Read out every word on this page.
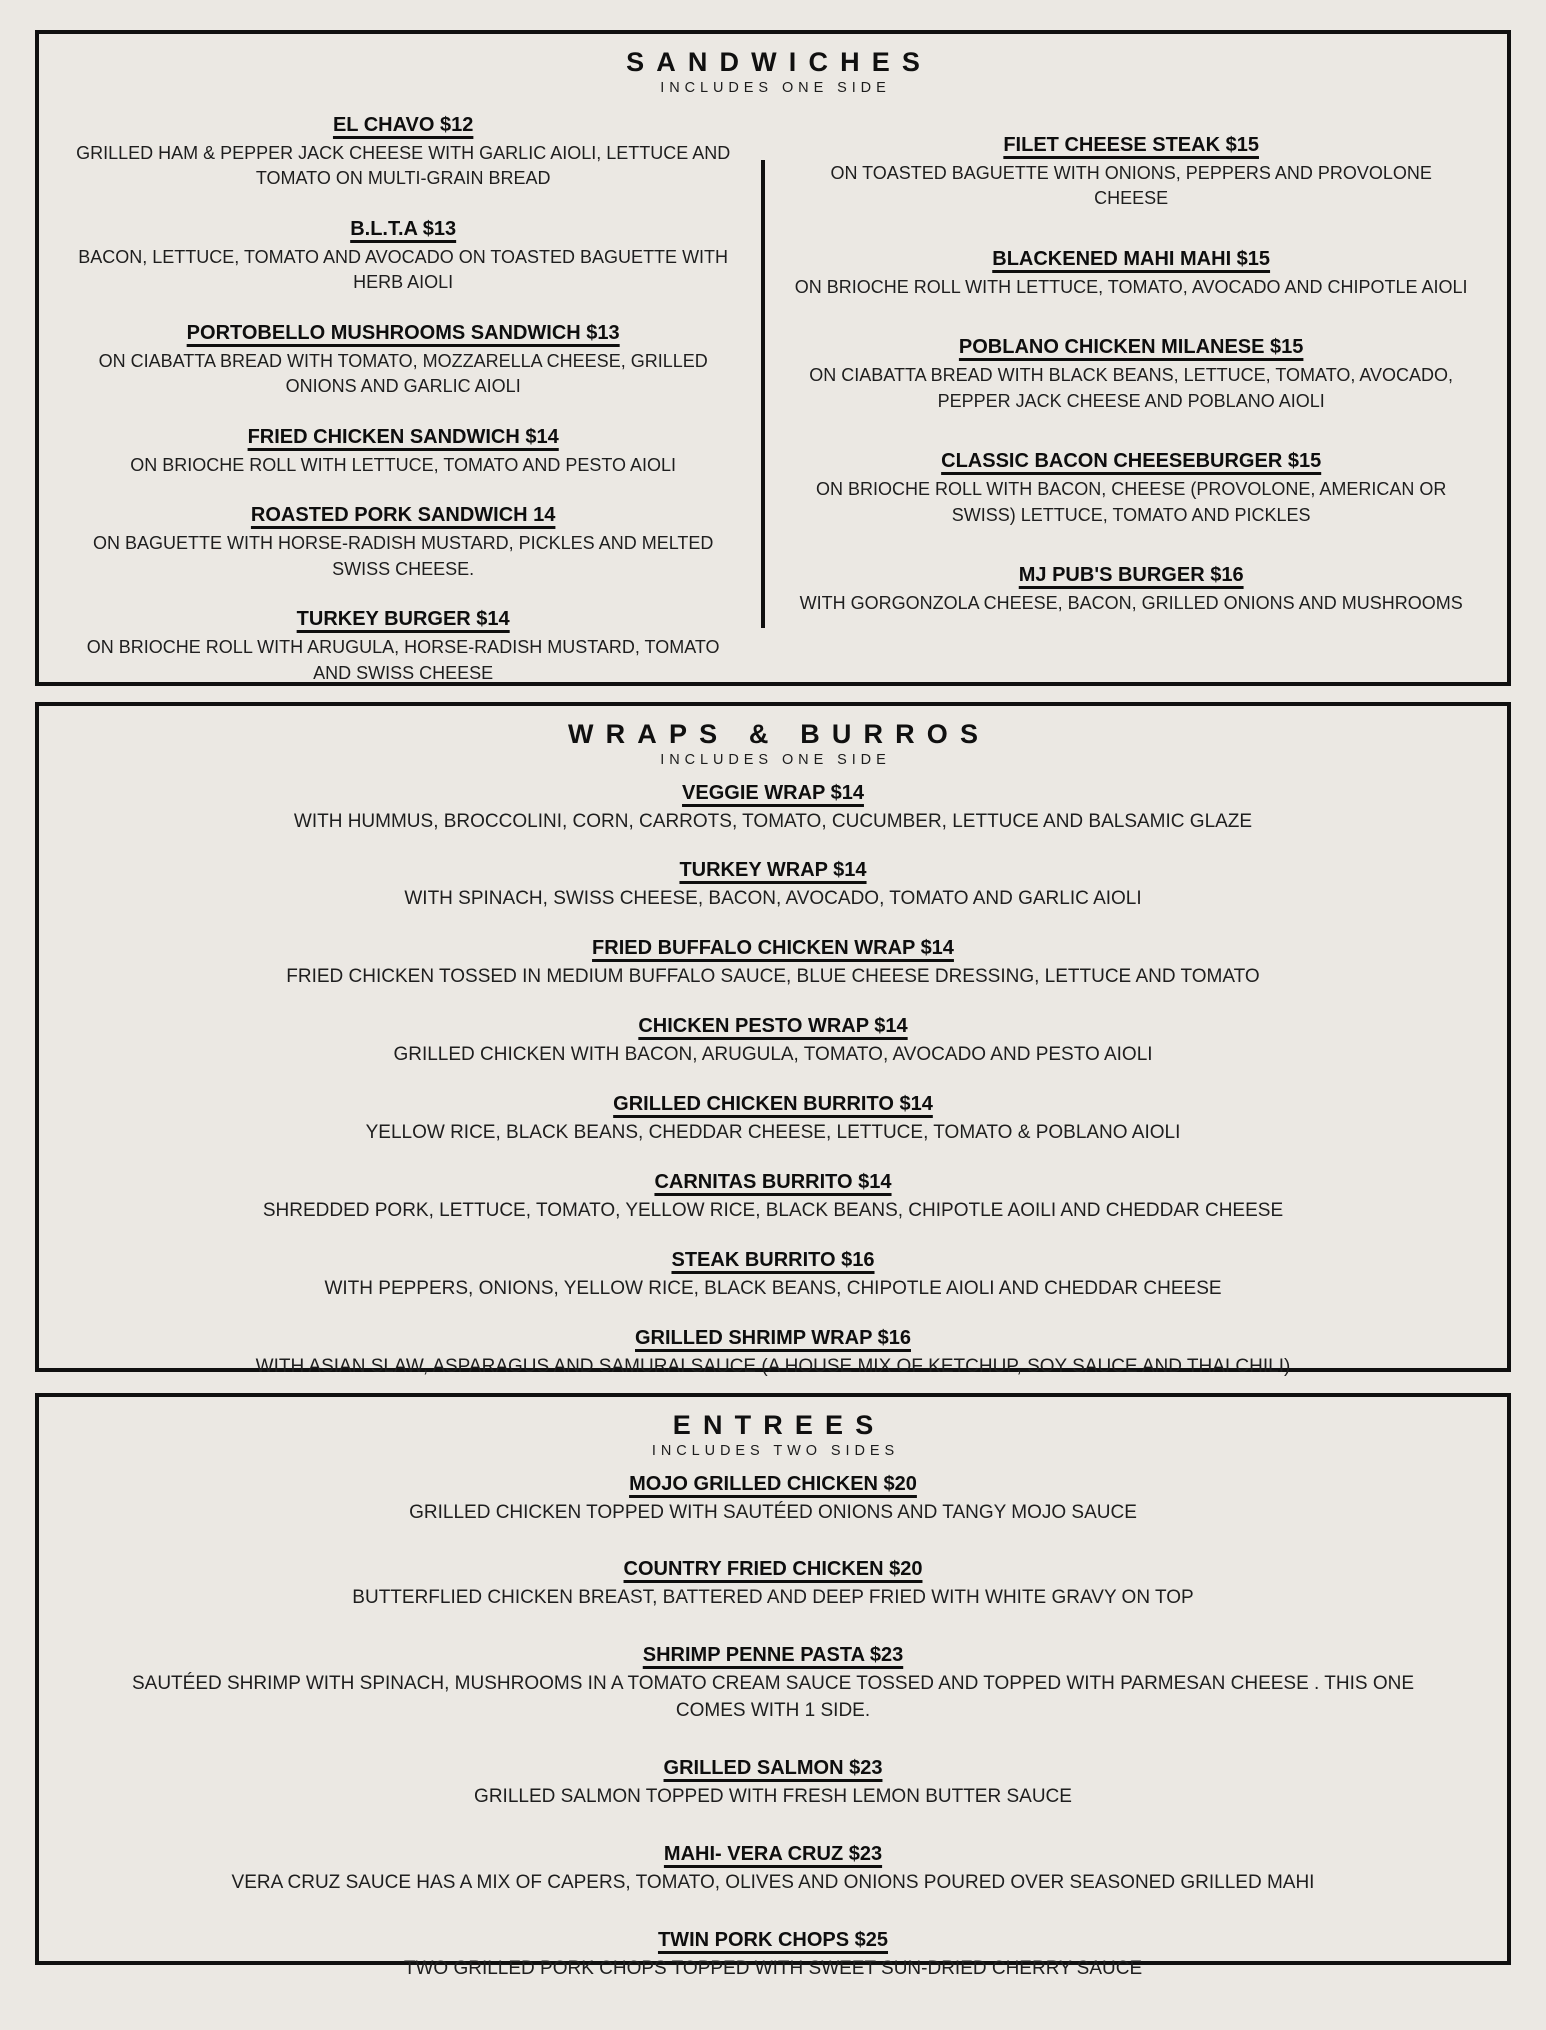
SANDWICHES
INCLUDES ONE SIDE
EL CHAVO $12

GRILLED HAM & PEPPER JACK CHEESE WITH GARLIC AIOLI, LETTUCE AND TOMATO ON MULTI-GRAIN BREAD

B.L.T.A $13

BACON, LETTUCE, TOMATO AND AVOCADO ON TOASTED BAGUETTE WITH HERB AIOLI

PORTOBELLO MUSHROOMS SANDWICH $13

ON CIABATTA BREAD WITH TOMATO, MOZZARELLA CHEESE, GRILLED ONIONS AND GARLIC AIOLI

FRIED CHICKEN SANDWICH $14

ON BRIOCHE ROLL WITH LETTUCE, TOMATO AND PESTO AIOLI

ROASTED PORK SANDWICH 14

ON BAGUETTE WITH HORSE-RADISH MUSTARD, PICKLES AND MELTED SWISS CHEESE.

TURKEY BURGER $14

ON BRIOCHE ROLL WITH ARUGULA, HORSE-RADISH MUSTARD, TOMATO AND SWISS CHEESE

FILET CHEESE STEAK $15

ON TOASTED BAGUETTE WITH ONIONS, PEPPERS AND PROVOLONE CHEESE

BLACKENED MAHI MAHI $15

ON BRIOCHE ROLL WITH LETTUCE, TOMATO, AVOCADO AND CHIPOTLE AIOLI

POBLANO CHICKEN MILANESE $15

ON CIABATTA BREAD WITH BLACK BEANS, LETTUCE, TOMATO, AVOCADO, PEPPER JACK CHEESE AND POBLANO AIOLI

CLASSIC BACON CHEESEBURGER $15

ON BRIOCHE ROLL WITH BACON, CHEESE (PROVOLONE, AMERICAN OR SWISS) LETTUCE, TOMATO AND PICKLES

MJ PUB'S BURGER $16

WITH GORGONZOLA CHEESE, BACON, GRILLED ONIONS AND MUSHROOMS

WRAPS & BURROS
INCLUDES ONE SIDE
VEGGIE WRAP $14

WITH HUMMUS, BROCCOLINI, CORN, CARROTS, TOMATO, CUCUMBER, LETTUCE AND BALSAMIC GLAZE

TURKEY WRAP $14

WITH SPINACH, SWISS CHEESE, BACON, AVOCADO, TOMATO AND GARLIC AIOLI

FRIED BUFFALO CHICKEN WRAP $14

FRIED CHICKEN TOSSED IN MEDIUM BUFFALO SAUCE, BLUE CHEESE DRESSING, LETTUCE AND TOMATO

CHICKEN PESTO WRAP $14

GRILLED CHICKEN WITH BACON, ARUGULA, TOMATO, AVOCADO AND PESTO AIOLI

GRILLED CHICKEN BURRITO $14

YELLOW RICE, BLACK BEANS, CHEDDAR CHEESE, LETTUCE, TOMATO & POBLANO AIOLI

CARNITAS BURRITO $14

SHREDDED PORK, LETTUCE, TOMATO, YELLOW RICE, BLACK BEANS, CHIPOTLE AOILI AND CHEDDAR CHEESE

STEAK BURRITO $16

WITH PEPPERS, ONIONS, YELLOW RICE, BLACK BEANS, CHIPOTLE AIOLI AND CHEDDAR CHEESE

GRILLED SHRIMP WRAP $16

WITH ASIAN SLAW, ASPARAGUS AND SAMURAI SAUCE (A HOUSE MIX OF KETCHUP, SOY SAUCE AND THAI CHILI)

ENTREES
INCLUDES TWO SIDES
MOJO GRILLED CHICKEN $20

GRILLED CHICKEN TOPPED WITH SAUTÉED ONIONS AND TANGY MOJO SAUCE

COUNTRY FRIED CHICKEN $20

BUTTERFLIED CHICKEN BREAST, BATTERED AND DEEP FRIED WITH WHITE GRAVY ON TOP

SHRIMP PENNE PASTA $23

SAUTÉED SHRIMP WITH SPINACH, MUSHROOMS IN A TOMATO CREAM SAUCE TOSSED AND TOPPED WITH PARMESAN CHEESE . THIS ONE COMES WITH 1 SIDE.

GRILLED SALMON $23

GRILLED SALMON TOPPED WITH FRESH LEMON BUTTER SAUCE

MAHI- VERA CRUZ $23

VERA CRUZ SAUCE HAS A MIX OF CAPERS, TOMATO, OLIVES AND ONIONS POURED OVER SEASONED GRILLED MAHI

TWIN PORK CHOPS $25

TWO GRILLED PORK CHOPS TOPPED WITH SWEET SUN-DRIED CHERRY SAUCE
